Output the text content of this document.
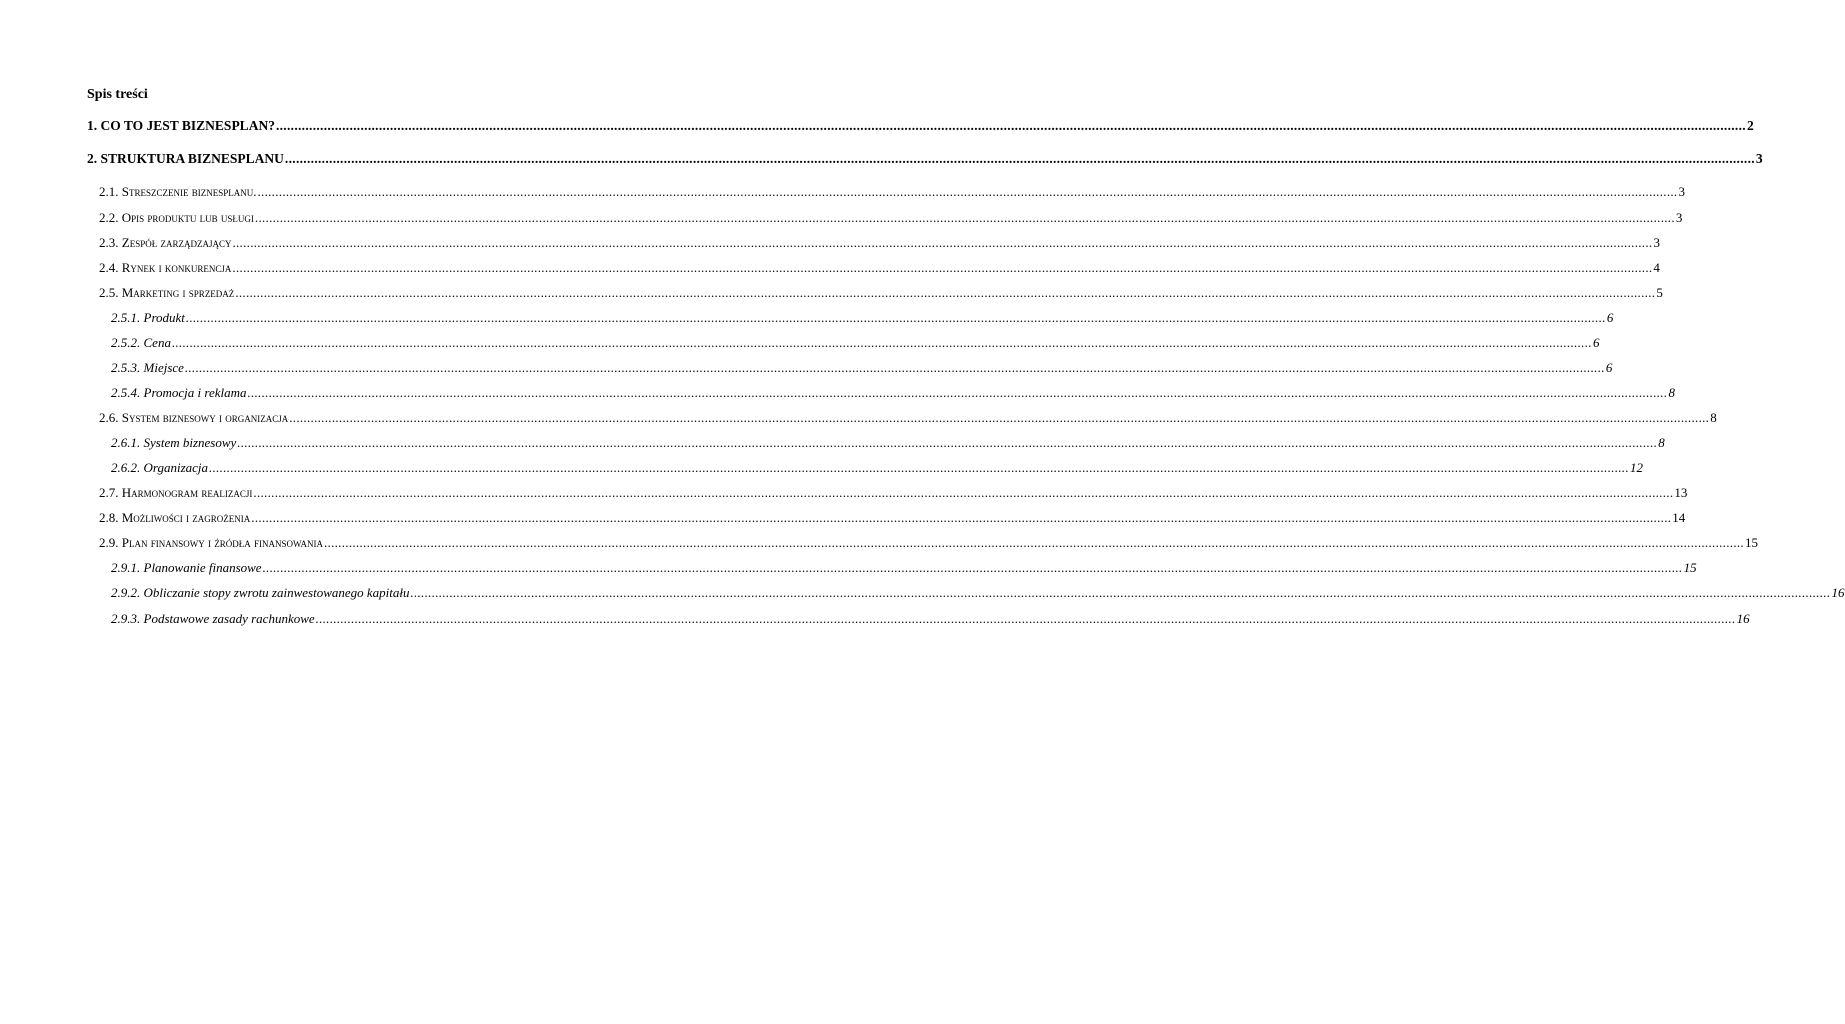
Spis treści
1. CO TO JEST BIZNESPLAN? ................................................................................................................................................................................................................................................................................................................................................................................................................ 2
2. STRUKTURA BIZNESPLANU ................................................................................................................................................................................................................................................................................................................................................................................................................ 3
2.1. Streszczenie biznesplanu. ................................................................................................................................................................................................................................................................................................................................................................................................................ 3
2.2. Opis produktu lub usługi ................................................................................................................................................................................................................................................................................................................................................................................................................ 3
2.3. Zespół zarządzający ................................................................................................................................................................................................................................................................................................................................................................................................................ 3
2.4. Rynek i konkurencja ................................................................................................................................................................................................................................................................................................................................................................................................................ 4
2.5. Marketing i sprzedaż ................................................................................................................................................................................................................................................................................................................................................................................................................ 5
2.5.1. Produkt ................................................................................................................................................................................................................................................................................................................................................................................................................ 6
2.5.2. Cena ................................................................................................................................................................................................................................................................................................................................................................................................................ 6
2.5.3. Miejsce ................................................................................................................................................................................................................................................................................................................................................................................................................ 6
2.5.4. Promocja i reklama ................................................................................................................................................................................................................................................................................................................................................................................................................ 8
2.6. System biznesowy i organizacja ................................................................................................................................................................................................................................................................................................................................................................................................................ 8
2.6.1. System biznesowy ................................................................................................................................................................................................................................................................................................................................................................................................................ 8
2.6.2. Organizacja ................................................................................................................................................................................................................................................................................................................................................................................................................ 12
2.7. Harmonogram realizacji ................................................................................................................................................................................................................................................................................................................................................................................................................ 13
2.8. Możliwości i zagrożenia ................................................................................................................................................................................................................................................................................................................................................................................................................ 14
2.9. Plan finansowy i źródła finansowania ................................................................................................................................................................................................................................................................................................................................................................................................................ 15
2.9.1. Planowanie finansowe ................................................................................................................................................................................................................................................................................................................................................................................................................ 15
2.9.2. Obliczanie stopy zwrotu zainwestowanego kapitału ................................................................................................................................................................................................................................................................................................................................................................................................................ 16
2.9.3. Podstawowe zasady rachunkowe ................................................................................................................................................................................................................................................................................................................................................................................................................ 16
